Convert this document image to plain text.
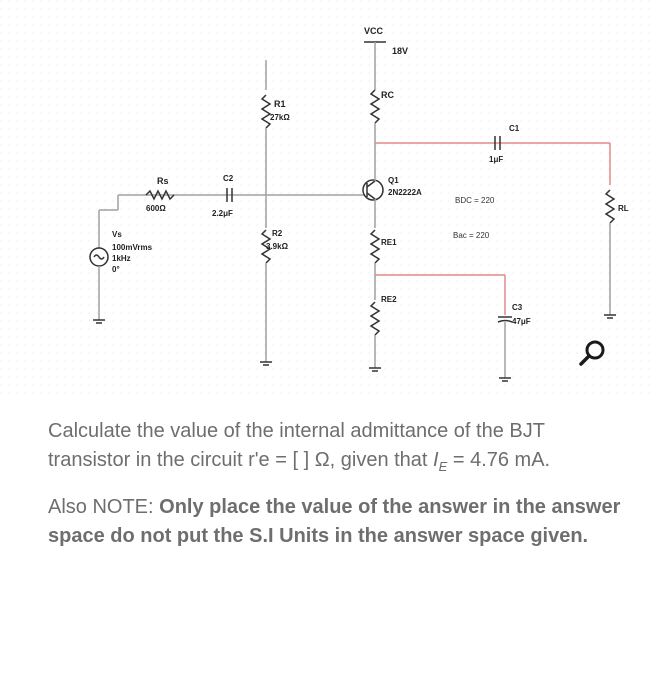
VCC
18V
RC
C1
1μF
R1
27kΩ
Rs
600Ω
C2
2.2μF
Vs
100mVrms
1kHz
0°
R2
3.9kΩ
Q1
2N2222A
BDC = 220
Bac = 220
RE1
RE2
C3
47μF
RL

Calculate the value of the internal admittance of the BJT transistor in the circuit r'e = [ ] Ω, given that $I_E = 4.76$ mA.

Also NOTE: Only place the value of the answer in the answer space do not put the S.I Units in the answer space given.
